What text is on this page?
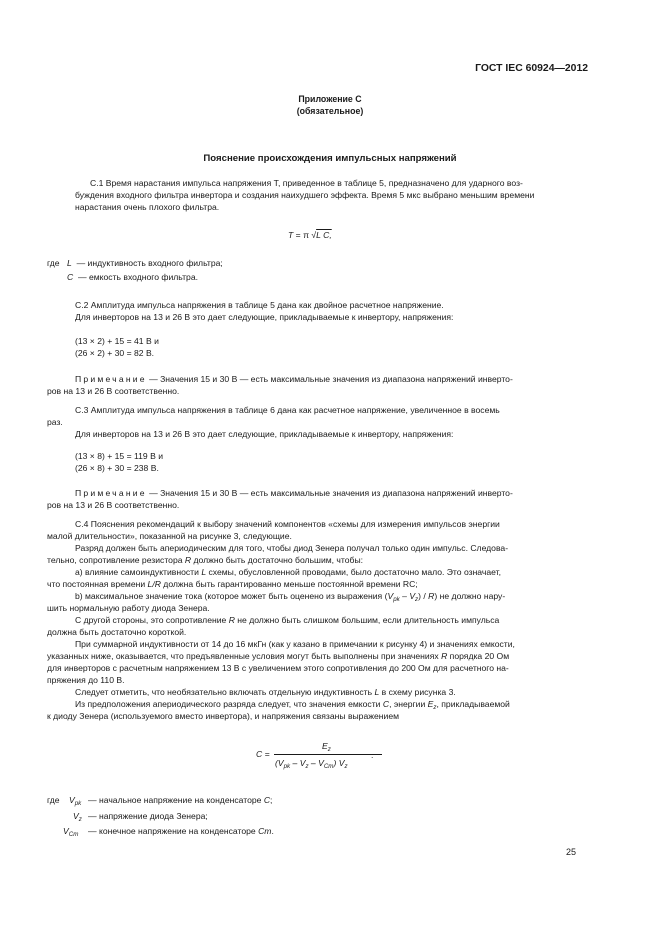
ГОСТ IEC 60924—2012
Приложение С
(обязательное)
Пояснение происхождения импульсных напряжений
С.1 Время нарастания импульса напряжения Т, приведенное в таблице 5, предназначено для ударного воз-
буждения входного фильтра инвертора и создания наихудшего эффекта. Время 5 мкс выбрано меньшим времени
нарастания очень плохого фильтра.
T = π √L C,
где L — индуктивность входного фильтра;
C — емкость входного фильтра.
С.2 Амплитуда импульса напряжения в таблице 5 дана как двойное расчетное напряжение.
Для инверторов на 13 и 26 В это дает следующие, прикладываемые к инвертору, напряжения:
(13 × 2) + 15 = 41 В и
(26 × 2) + 30 = 82 В.
Примечание — Значения 15 и 30 В — есть максимальные значения из диапазона напряжений инверто-
ров на 13 и 26 В соответственно.
С.3 Амплитуда импульса напряжения в таблице 6 дана как расчетное напряжение, увеличенное в восемь
раз.
Для инверторов на 13 и 26 В это дает следующие, прикладываемые к инвертору, напряжения:
(13 × 8) + 15 = 119 В и
(26 × 8) + 30 = 238 В.
Примечание — Значения 15 и 30 В — есть максимальные значения из диапазона напряжений инверто-
ров на 13 и 26 В соответственно.
С.4 Пояснения рекомендаций к выбору значений компонентов «схемы для измерения импульсов энергии
малой длительности», показанной на рисунке 3, следующие.
Разряд должен быть апериодическим для того, чтобы диод Зенера получал только один импульс. Следова-
тельно, сопротивление резистора R должно быть достаточно большим, чтобы:
а) влияние самоиндуктивности L схемы, обусловленной проводами, было достаточно мало. Это означает,
что постоянная времени L/R должна быть гарантированно меньше постоянной времени RC;
b) максимальное значение тока (которое может быть оценено из выражения $(V_{pk} - V_z) / R$) не должно нару-
шить нормальную работу диода Зенера.
С другой стороны, это сопротивление R не должно быть слишком большим, если длительность импульса
должна быть достаточно короткой.
При суммарной индуктивности от 14 до 16 мкГн (как у казано в примечании к рисунку 4) и значениях емкости,
указанных ниже, оказывается, что предъявленные условия могут быть выполнены при значениях R порядка 20 Ом
для инверторов с расчетным напряжением 13 В с увеличением этого сопротивления до 200 Ом для расчетного на-
пряжения до 110 В.
Следует отметить, что необязательно включать отдельную индуктивность L в схему рисунка 3.
Из предположения апериодического разряда следует, что значения емкости C, энергии $E_z$, прикладываемой
к диоду Зенера (используемого вместо инвертора), и напряжения связаны выражением
C =
$E_z$
$(V_{pk} - V_z - V_{Cm})$ $V_z$
.
где $V_{pk}$ — начальное напряжение на конденсаторе C;
$V_z$ — напряжение диода Зенера;
$V_{Cm}$ — конечное напряжение на конденсаторе Cm.
25
